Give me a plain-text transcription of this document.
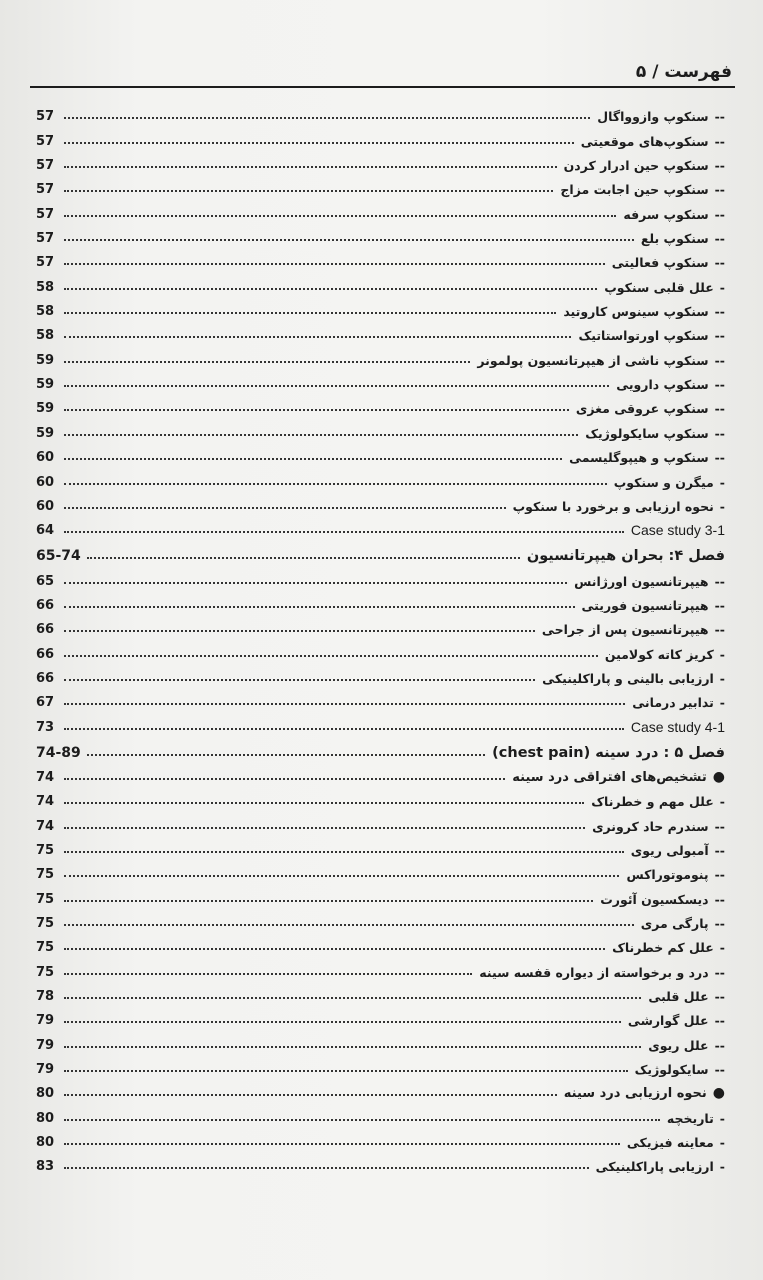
فهرست / ۵
--سنکوپ وازوواگال
57
--سنکوپ‌های موقعیتی
57
--سنکوپ حین ادرار کردن
57
--سنکوپ حین اجابت مزاج
57
--سنکوپ سرفه
57
--سنکوپ بلع
57
--سنکوپ فعالیتی
57
-علل قلبی سنکوپ
58
--سنکوپ سینوس کاروتید
58
--سنکوپ اورتواستاتیک
58
--سنکوپ ناشی از هیپرتانسیون پولمونر
59
--سنکوپ دارویی
59
--سنکوپ عروقی مغزی
59
--سنکوپ سایکولوژیک
59
--سنکوپ و هیپوگلیسمی
60
-میگرن و سنکوپ
60
-نحوه ارزیابی و برخورد با سنکوپ
60
Case study 3-1
64
فصل ۴: بحران هیپرتانسیون
65-74
--هیپرتانسیون اورژانس
65
--هیپرتانسیون فوریتی
66
--هیپرتانسیون پس از جراحی
66
-کریز کاته کولامین
66
-ارزیابی بالینی و پاراکلینیکی
66
-تدابیر درمانی
67
Case study 4-1
73
فصل ۵ : درد سینه (chest pain)
74-89
●تشخیص‌های افتراقی درد سینه
74
-علل مهم و خطرناک
74
--سندرم حاد کرونری
74
--آمبولی ریوی
75
--پنوموتوراکس
75
--دیسکسیون آئورت
75
--پارگی مری
75
-علل کم خطرناک
75
--درد و برخواسته از دیواره قفسه سینه
75
--علل قلبی
78
--علل گوارشی
79
--علل ریوی
79
--سایکولوژیک
79
●نحوه ارزیابی درد سینه
80
-تاریخچه
80
-معاینه فیزیکی
80
-ارزیابی پاراکلینیکی
83
